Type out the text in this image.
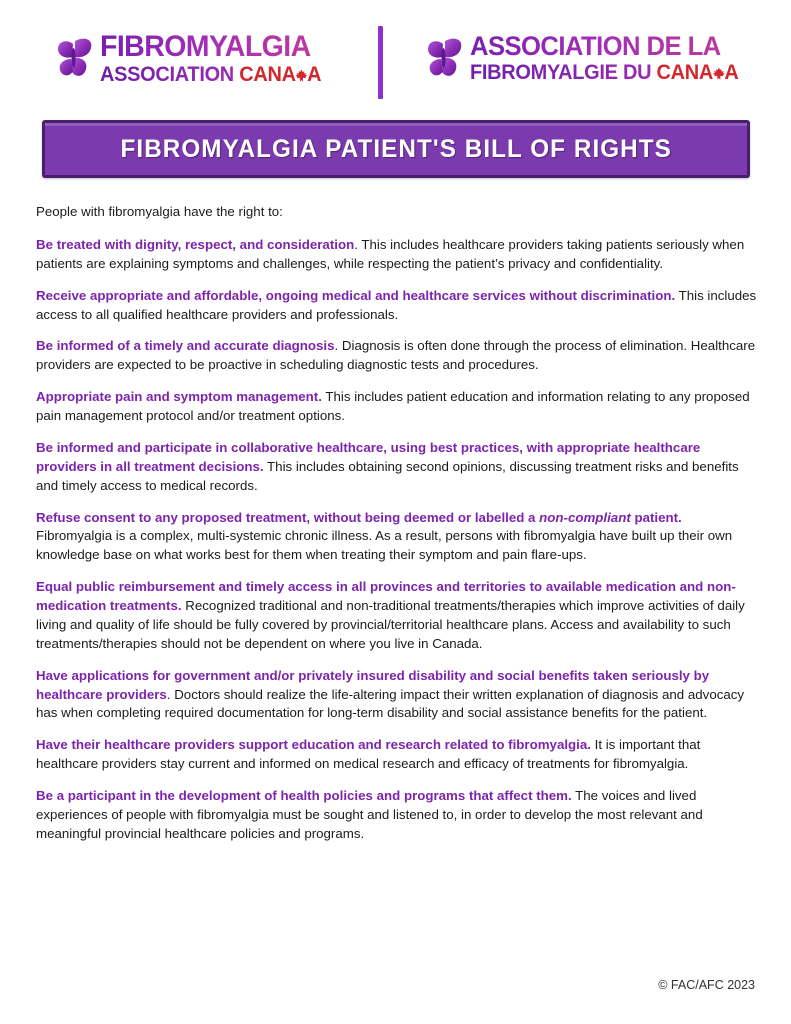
FIBROMYALGIA
ASSOCIATION CANA A
ASSOCIATION DE LA
FIBROMYALGIE DU CANA A
FIBROMYALGIA PATIENT'S BILL OF RIGHTS

People with fibromyalgia have the right to:

Be treated with dignity, respect, and consideration. This includes healthcare providers taking patients seriously when patients are explaining symptoms and challenges, while respecting the patient’s privacy and confidentiality.

Receive appropriate and affordable, ongoing medical and healthcare services without discrimination. This includes access to all qualified healthcare providers and professionals.

Be informed of a timely and accurate diagnosis. Diagnosis is often done through the process of elimination. Healthcare providers are expected to be proactive in scheduling diagnostic tests and procedures.

Appropriate pain and symptom management. This includes patient education and information relating to any proposed pain management protocol and/or treatment options.

Be informed and participate in collaborative healthcare, using best practices, with appropriate healthcare providers in all treatment decisions. This includes obtaining second opinions, discussing treatment risks and benefits and timely access to medical records.

Refuse consent to any proposed treatment, without being deemed or labelled a non-compliant patient. Fibromyalgia is a complex, multi-systemic chronic illness. As a result, persons with fibromyalgia have built up their own knowledge base on what works best for them when treating their symptom and pain flare-ups.

Equal public reimbursement and timely access in all provinces and territories to available medication and non-medication treatments. Recognized traditional and non-traditional treatments/therapies which improve activities of daily living and quality of life should be fully covered by provincial/territorial healthcare plans. Access and availability to such treatments/therapies should not be dependent on where you live in Canada.

Have applications for government and/or privately insured disability and social benefits taken seriously by healthcare providers. Doctors should realize the life-altering impact their written explanation of diagnosis and advocacy has when completing required documentation for long-term disability and social assistance benefits for the patient.

Have their healthcare providers support education and research related to fibromyalgia. It is important that healthcare providers stay current and informed on medical research and efficacy of treatments for fibromyalgia.

Be a participant in the development of health policies and programs that affect them. The voices and lived experiences of people with fibromyalgia must be sought and listened to, in order to develop the most relevant and meaningful provincial healthcare policies and programs.

© FAC/AFC 2023
